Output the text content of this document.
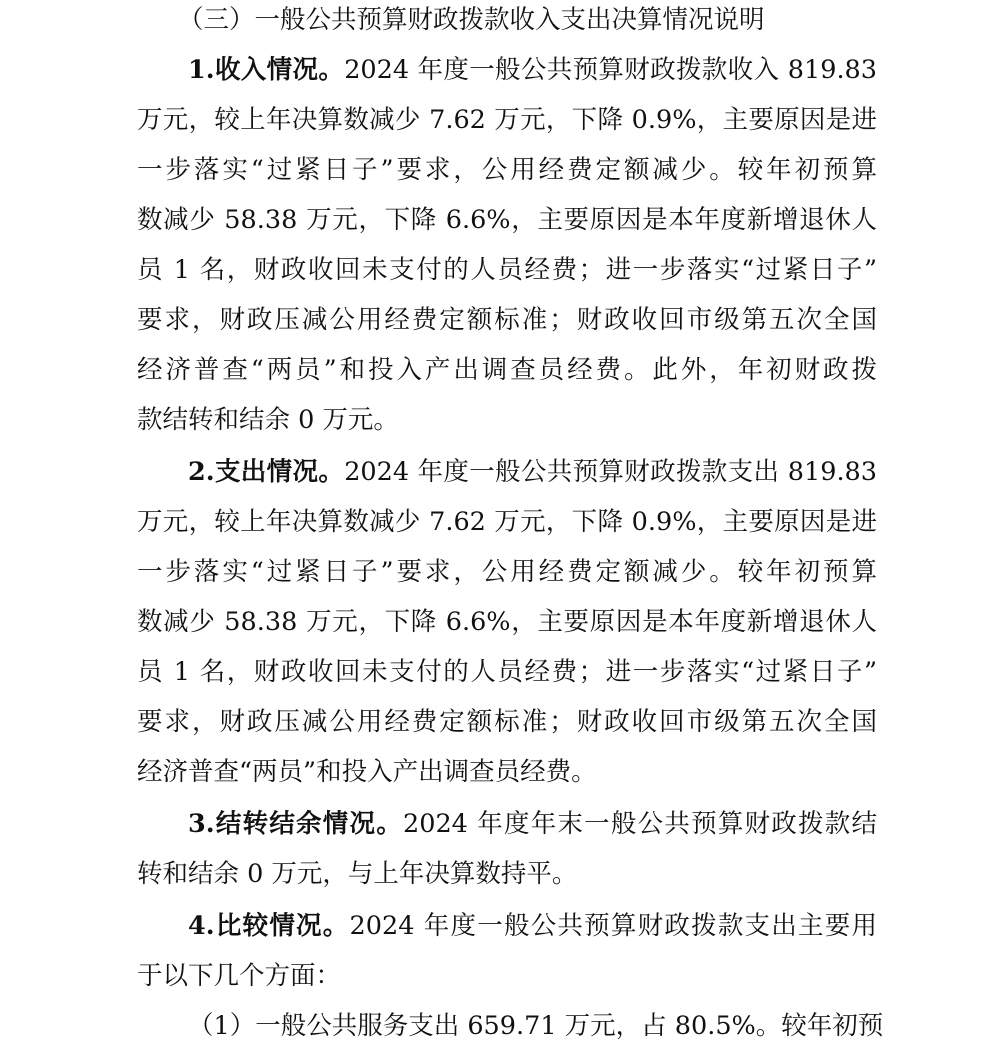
（三）一般公共预算财政拨款收入支出决算情况说明
1.收入情况。2024 年度一般公共预算财政拨款收入 819.83
万元，较上年决算数减少 7.62 万元，下降 0.9%，主要原因是进
一步落实“过紧日子”要求，公用经费定额减少。较年初预算
数减少 58.38 万元，下降 6.6%，主要原因是本年度新增退休人
员 1 名，财政收回未支付的人员经费；进一步落实“过紧日子”
要求，财政压减公用经费定额标准；财政收回市级第五次全国
经济普查“两员”和投入产出调查员经费。此外，年初财政拨
款结转和结余 0 万元。
2.支出情况。2024 年度一般公共预算财政拨款支出 819.83
万元，较上年决算数减少 7.62 万元，下降 0.9%，主要原因是进
一步落实“过紧日子”要求，公用经费定额减少。较年初预算
数减少 58.38 万元，下降 6.6%，主要原因是本年度新增退休人
员 1 名，财政收回未支付的人员经费；进一步落实“过紧日子”
要求，财政压减公用经费定额标准；财政收回市级第五次全国
经济普查“两员”和投入产出调查员经费。
3.结转结余情况。2024 年度年末一般公共预算财政拨款结
转和结余 0 万元，与上年决算数持平。
4.比较情况。2024 年度一般公共预算财政拨款支出主要用
于以下几个方面：
（1）一般公共服务支出 659.71 万元，占 80.5%。较年初预
